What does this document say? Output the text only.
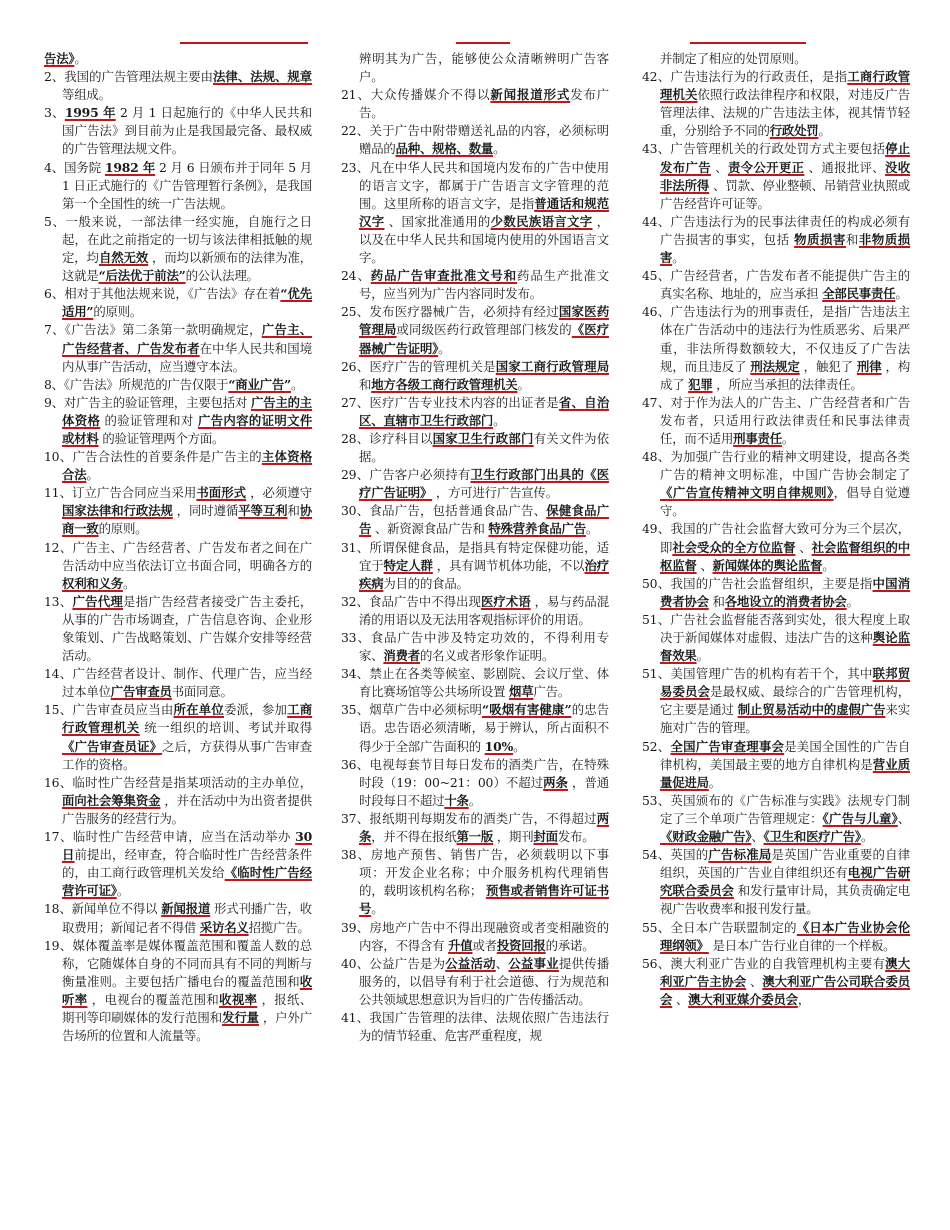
告法》。

2、我国的广告管理法规主要由法律、法规、规章等组成。

3、1995 年 2 月 1 日起施行的《中华人民共和国广告法》到目前为止是我国最完备、最权威的广告管理法规文件。

4、国务院 1982 年 2 月 6 日颁布并于同年 5 月 1 日正式施行的《广告管理暂行条例》，是我国第一个全国性的统一广告法规。

5、一般来说，一部法律一经实施，自施行之日起，在此之前指定的一切与该法律相抵触的规定，均自然无效 ，而均以新颁布的法律为准，这就是“后法优于前法”的公认法理。

6、相对于其他法规来说，《广告法》存在着“优先适用”的原则。

7、《广告法》第二条第一款明确规定，广告主、广告经营者、广告发布者在中华人民共和国境内从事广告活动，应当遵守本法。

8、《广告法》所规范的广告仅限于“商业广告”。

9、对广告主的验证管理，主要包括对 广告主的主体资格 的验证管理和对 广告内容的证明文件或材料 的验证管理两个方面。

10、广告合法性的首要条件是广告主的主体资格合法。

11、订立广告合同应当采用书面形式 ，必须遵守国家法律和行政法规 ，同时遵循平等互利和协商一致的原则。

12、广告主、广告经营者、广告发布者之间在广告活动中应当依法订立书面合同，明确各方的权利和义务。

13、广告代理是指广告经营者接受广告主委托，从事的广告市场调查，广告信息咨询、企业形象策划、广告战略策划、广告媒介安排等经营活动。

14、广告经营者设计、制作、代理广告，应当经过本单位广告审查员书面同意。

15、广告审查员应当由所在单位委派，参加工商行政管理机关 统一组织的培训、考试并取得《广告审查员证》之后，方获得从事广告审查工作的资格。

16、临时性广告经营是指某项活动的主办单位，面向社会筹集资金 ，并在活动中为出资者提供广告服务的经营行为。

17、临时性广告经营申请，应当在活动举办 30 日前提出，经审查，符合临时性广告经营条件的，由工商行政管理机关发给《临时性广告经营许可证》。

18、新闻单位不得以 新闻报道 形式刊播广告，收取费用；新闻记者不得借 采访名义招揽广告。

19、媒体覆盖率是媒体覆盖范围和覆盖人数的总称，它随媒体自身的不同而具有不同的判断与衡量准则。主要包括广播电台的覆盖范围和收听率 ，电视台的覆盖范围和收视率 ，报纸、期刊等印刷媒体的发行范围和发行量 ，户外广告场所的位置和人流量等。

辨明其为广告，能够使公众清晰辨明广告客户。

21、大众传播媒介不得以新闻报道形式发布广告。

22、关于广告中附带赠送礼品的内容，必须标明赠品的品种、规格、数量。

23、凡在中华人民共和国境内发布的广告中使用的语言文字，都属于广告语言文字管理的范围。这里所称的语言文字，是指普通话和规范汉字 、国家批准通用的少数民族语言文字 ，以及在中华人民共和国境内使用的外国语言文字。

24、药品广告审查批准文号和药品生产批准文号，应当列为广告内容同时发布。

25、发布医疗器械广告，必须持有经过国家医药管理局或同级医药行政管理部门核发的《医疗器械广告证明》。

26、医疗广告的管理机关是国家工商行政管理局和地方各级工商行政管理机关。

27、医疗广告专业技术内容的出证者是省、自治区、直辖市卫生行政部门。

28、诊疗科目以国家卫生行政部门有关文件为依据。

29、广告客户必须持有卫生行政部门出具的《医疗广告证明》 ，方可进行广告宣传。

30、食品广告，包括普通食品广告、保健食品广告 、新资源食品广告和 特殊营养食品广告。

31、所谓保健食品，是指具有特定保健功能，适宜于特定人群 ，具有调节机体功能，不以治疗疾病为目的的食品。

32、食品广告中不得出现医疗术语 ，易与药品混淆的用语以及无法用客观指标评价的用语。

33、食品广告中涉及特定功效的，不得利用专家、消费者的名义或者形象作证明。

34、禁止在各类等候室、影剧院、会议厅堂、体育比赛场馆等公共场所设置 烟草广告。

35、烟草广告中必须标明“吸烟有害健康”的忠告语。忠告语必须清晰，易于辨认，所占面积不得少于全部广告面积的 10%。

36、电视每套节目每日发布的酒类广告，在特殊时段（19：00~21：00）不超过两条 ，普通时段每日不超过十条。

37、报纸期刊每期发布的酒类广告，不得超过两条，并不得在报纸第一版 ，期刊封面发布。

38、房地产预售、销售广告，必须载明以下事项：开发企业名称；中介服务机构代理销售的，载明该机构名称； 预售或者销售许可证书号。

39、房地产广告中不得出现融资或者变相融资的内容，不得含有 升值或者投资回报的承诺。

40、公益广告是为公益活动、公益事业提供传播服务的，以倡导有利于社会道德、行为规范和公共领域思想意识为旨归的广告传播活动。

41、我国广告管理的法律、法规依照广告违法行为的情节轻重、危害严重程度，规

并制定了相应的处罚原则。

42、广告违法行为的行政责任，是指工商行政管理机关依照行政法律程序和权限，对违反广告管理法律、法规的广告违法主体，视其情节轻重，分别给予不同的行政处罚。

43、广告管理机关的行政处罚方式主要包括停止发布广告 、责令公开更正 、通报批评、没收非法所得 、罚款、停业整顿、吊销营业执照或广告经营许可证等。

44、广告违法行为的民事法律责任的构成必须有广告损害的事实，包括 物质损害和非物质损害。

45、广告经营者，广告发布者不能提供广告主的真实名称、地址的，应当承担 全部民事责任。

46、广告违法行为的刑事责任，是指广告违法主体在广告活动中的违法行为性质恶劣、后果严重，非法所得数额较大，不仅违反了广告法规，而且违反了 刑法规定 ，触犯了 刑律 ，构成了 犯罪 ，所应当承担的法律责任。

47、对于作为法人的广告主、广告经营者和广告发布者，只适用行政法律责任和民事法律责任，而不适用刑事责任。

48、为加强广告行业的精神文明建设，提高各类广告的精神文明标准，中国广告协会制定了 《广告宣传精神文明自律规则》，倡导自觉遵守。

49、我国的广告社会监督大致可分为三个层次，即社会受众的全方位监督 、社会监督组织的中枢监督 、新闻媒体的舆论监督。

50、我国的广告社会监督组织，主要是指中国消费者协会 和各地设立的消费者协会。

51、广告社会监督能否落到实处，很大程度上取决于新闻媒体对虚假、违法广告的这种舆论监督效果。

51、美国管理广告的机构有若干个，其中联邦贸易委员会是最权威、最综合的广告管理机构，它主要是通过 制止贸易活动中的虚假广告来实施对广告的管理。

52、全国广告审查理事会是美国全国性的广告自律机构，美国最主要的地方自律机构是营业质量促进局。

53、英国颁布的《广告标准与实践》法规专门制定了三个单项广告管理规定：《广告与儿童》、《财政金融广告》、《卫生和医疗广告》。

54、英国的广告标准局是英国广告业重要的自律组织，英国的广告业自律组织还有电视广告研究联合委员会 和发行量审计局，其负责确定电视广告收费率和报刊发行量。

55、全日本广告联盟制定的《日本广告业协会伦理纲领》 是日本广告行业自律的一个样板。

56、澳大利亚广告业的自我管理机构主要有澳大利亚广告主协会 、澳大利亚广告公司联合委员会 、澳大利亚媒介委员会，
